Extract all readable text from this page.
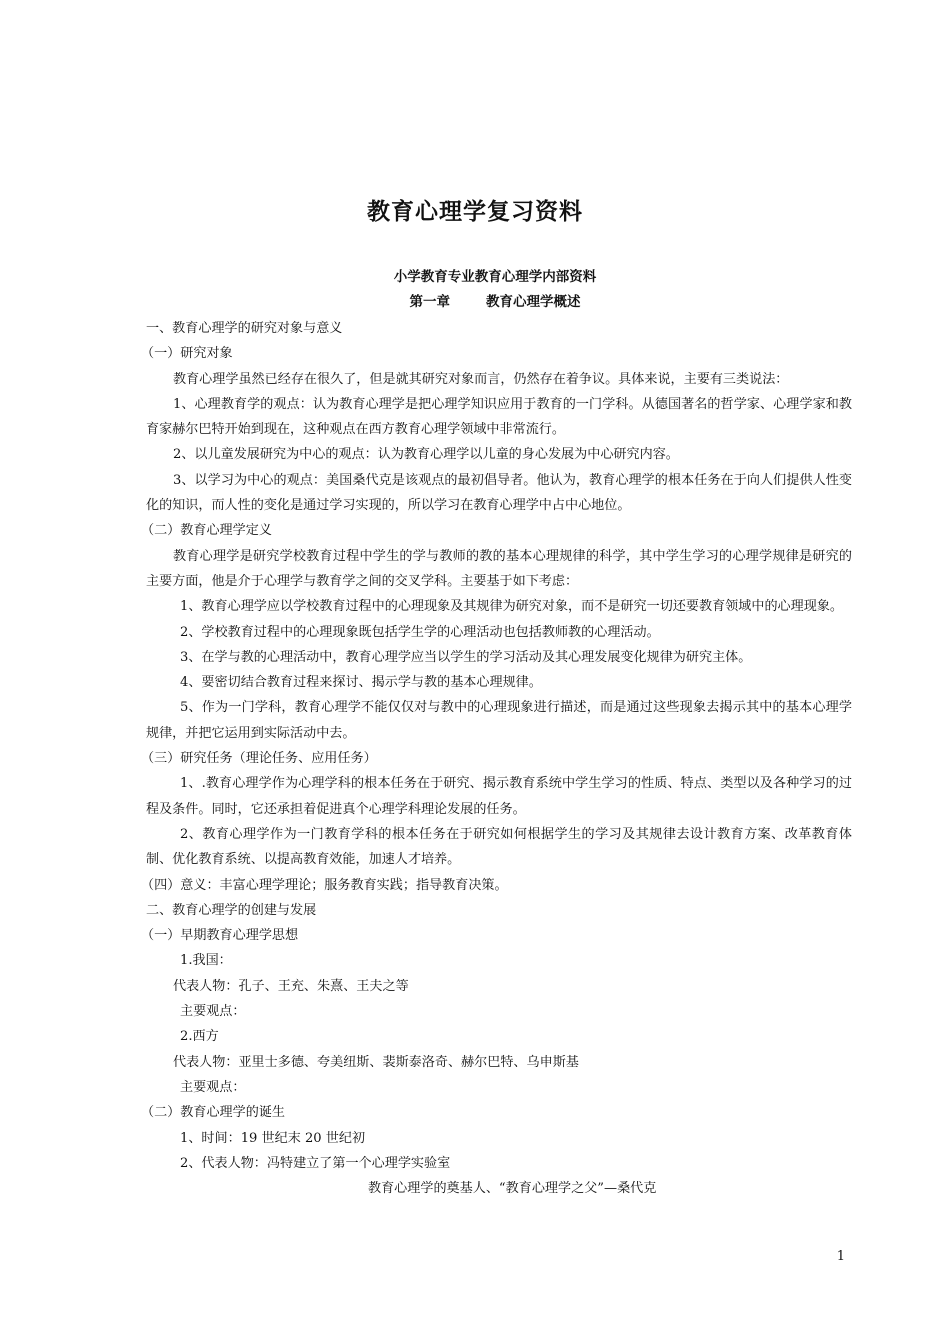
教育心理学复习资料
小学教育专业教育心理学内部资料
第一章	教育心理学概述

一、教育心理学的研究对象与意义

（一）研究对象

教育心理学虽然已经存在很久了，但是就其研究对象而言，仍然存在着争议。具体来说，主要有三类说法：

1、心理教育学的观点：认为教育心理学是把心理学知识应用于教育的一门学科。从德国著名的哲学家、心理学家和教育家赫尔巴特开始到现在，这种观点在西方教育心理学领域中非常流行。

2、以儿童发展研究为中心的观点：认为教育心理学以儿童的身心发展为中心研究内容。

3、以学习为中心的观点：美国桑代克是该观点的最初倡导者。他认为，教育心理学的根本任务在于向人们提供人性变化的知识，而人性的变化是通过学习实现的，所以学习在教育心理学中占中心地位。

（二）教育心理学定义

教育心理学是研究学校教育过程中学生的学与教师的教的基本心理规律的科学，其中学生学习的心理学规律是研究的主要方面，他是介于心理学与教育学之间的交叉学科。主要基于如下考虑：

1、教育心理学应以学校教育过程中的心理现象及其规律为研究对象，而不是研究一切还要教育领域中的心理现象。

2、学校教育过程中的心理现象既包括学生学的心理活动也包括教师教的心理活动。

3、在学与教的心理活动中，教育心理学应当以学生的学习活动及其心理发展变化规律为研究主体。

4、要密切结合教育过程来探讨、揭示学与教的基本心理规律。

5、作为一门学科，教育心理学不能仅仅对与教中的心理现象进行描述，而是通过这些现象去揭示其中的基本心理学规律，并把它运用到实际活动中去。

（三）研究任务（理论任务、应用任务）

1、.教育心理学作为心理学科的根本任务在于研究、揭示教育系统中学生学习的性质、特点、类型以及各种学习的过程及条件。同时，它还承担着促进真个心理学科理论发展的任务。

2、教育心理学作为一门教育学科的根本任务在于研究如何根据学生的学习及其规律去设计教育方案、改革教育体制、优化教育系统、以提高教育效能，加速人才培养。

（四）意义：丰富心理学理论；服务教育实践；指导教育决策。

二、教育心理学的创建与发展

（一）早期教育心理学思想

1.我国：

代表人物：孔子、王充、朱熹、王夫之等

主要观点：

2.西方

代表人物：亚里士多德、夸美纽斯、裴斯泰洛奇、赫尔巴特、乌申斯基

主要观点：

（二）教育心理学的诞生

1、时间：19 世纪末 20 世纪初

2、代表人物：冯特建立了第一个心理学实验室

教育心理学的奠基人、“教育心理学之父”—桑代克

1
